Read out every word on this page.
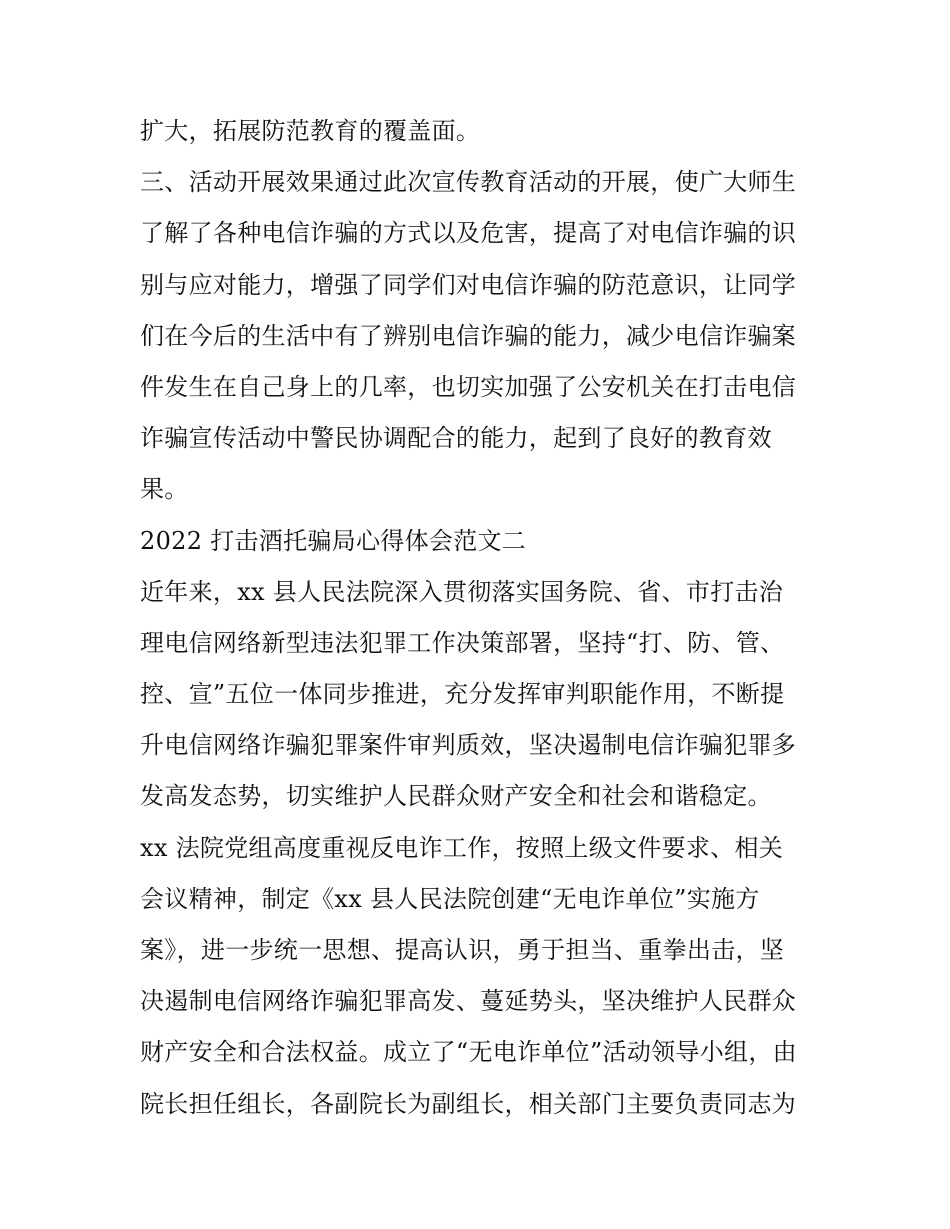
扩大，拓展防范教育的覆盖面。
三、活动开展效果通过此次宣传教育活动的开展，使广大师生
了解了各种电信诈骗的方式以及危害，提高了对电信诈骗的识
别与应对能力，增强了同学们对电信诈骗的防范意识，让同学
们在今后的生活中有了辨别电信诈骗的能力，减少电信诈骗案
件发生在自己身上的几率，也切实加强了公安机关在打击电信
诈骗宣传活动中警民协调配合的能力，起到了良好的教育效
果。
2022 打击酒托骗局心得体会范文二
近年来，xx 县人民法院深入贯彻落实国务院、省、市打击治
理电信网络新型违法犯罪工作决策部署，坚持“打、防、管、
控、宣”五位一体同步推进，充分发挥审判职能作用，不断提
升电信网络诈骗犯罪案件审判质效，坚决遏制电信诈骗犯罪多
发高发态势，切实维护人民群众财产安全和社会和谐稳定。
xx 法院党组高度重视反电诈工作，按照上级文件要求、相关
会议精神，制定《xx 县人民法院创建“无电诈单位”实施方
案》，进一步统一思想、提高认识，勇于担当、重拳出击，坚
决遏制电信网络诈骗犯罪高发、蔓延势头，坚决维护人民群众
财产安全和合法权益。成立了“无电诈单位”活动领导小组，由
院长担任组长，各副院长为副组长，相关部门主要负责同志为
